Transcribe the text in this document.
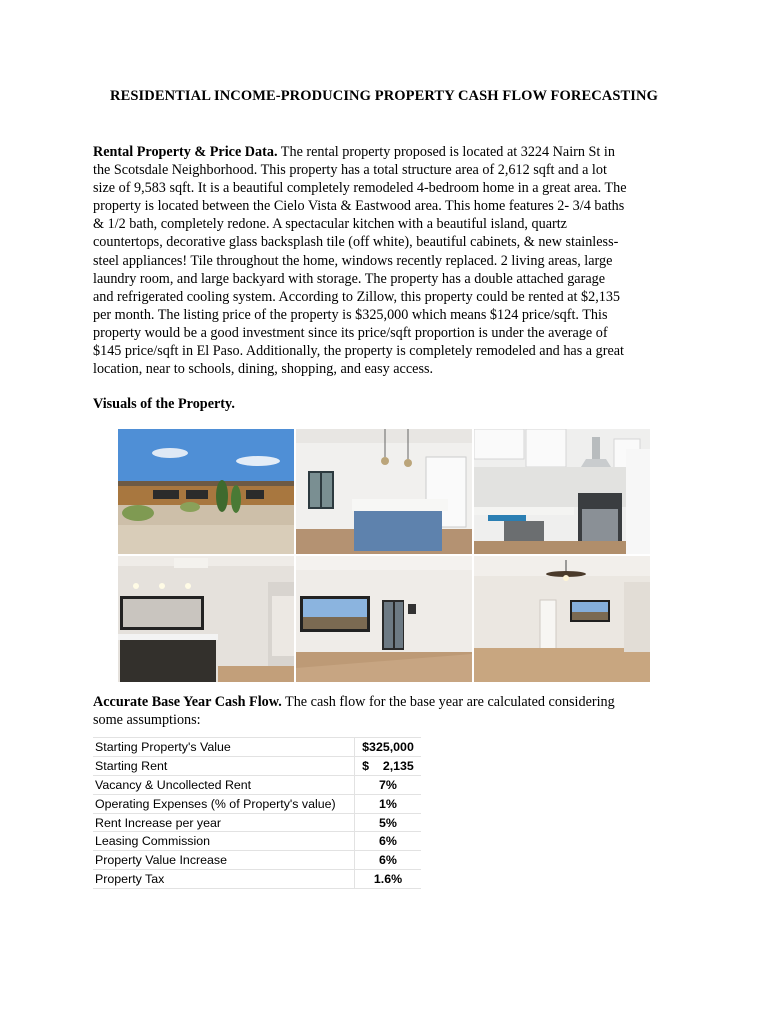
RESIDENTIAL INCOME-PRODUCING PROPERTY CASH FLOW FORECASTING
Rental Property & Price Data. The rental property proposed is located at 3224 Nairn St in
the Scotsdale Neighborhood. This property has a total structure area of 2,612 sqft and a lot
size of 9,583 sqft. It is a beautiful completely remodeled 4-bedroom home in a great area. The
property is located between the Cielo Vista & Eastwood area. This home features 2- 3/4 baths
& 1/2 bath, completely redone. A spectacular kitchen with a beautiful island, quartz
countertops, decorative glass backsplash tile (off white), beautiful cabinets, & new stainless-
steel appliances! Tile throughout the home, windows recently replaced. 2 living areas, large
laundry room, and large backyard with storage. The property has a double attached garage
and refrigerated cooling system. According to Zillow, this property could be rented at $2,135
per month. The listing price of the property is $325,000 which means $124 price/sqft. This
property would be a good investment since its price/sqft proportion is under the average of
$145 price/sqft in El Paso. Additionally, the property is completely remodeled and has a great
location, near to schools, dining, shopping, and easy access.
Visuals of the Property.
Accurate Base Year Cash Flow. The cash flow for the base year are calculated considering
some assumptions:
Starting Property's Value	$325,000
Starting Rent	$    2,135
Vacancy & Uncollected Rent	7%
Operating Expenses (% of Property's value)	1%
Rent Increase per year	5%
Leasing Commission	6%
Property Value Increase	6%
Property Tax	1.6%
